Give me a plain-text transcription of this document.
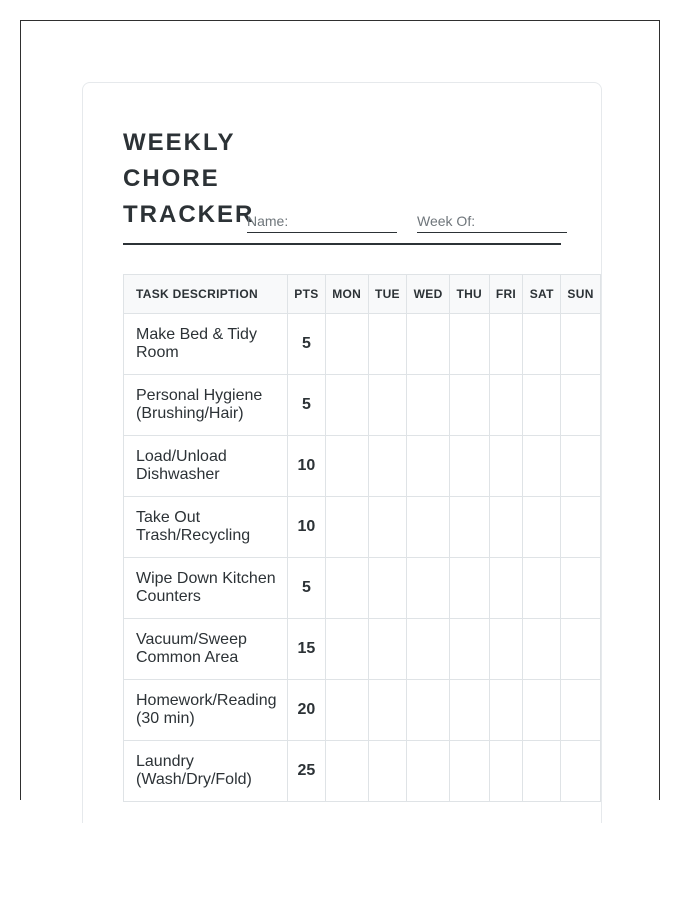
WEEKLY CHORE TRACKER
Name:	Week Of:
TASK DESCRIPTION	PTS	MON	TUE	WED	THU	FRI	SAT	SUN
Make Bed & Tidy Room	5							
Personal Hygiene (Brushing/Hair)	5							
Load/Unload Dishwasher	10							
Take Out Trash/Recycling	10							
Wipe Down Kitchen Counters	5							
Vacuum/Sweep Common Area	15							
Homework/Reading (30 min)	20							
Laundry (Wash/Dry/Fold)	25							
